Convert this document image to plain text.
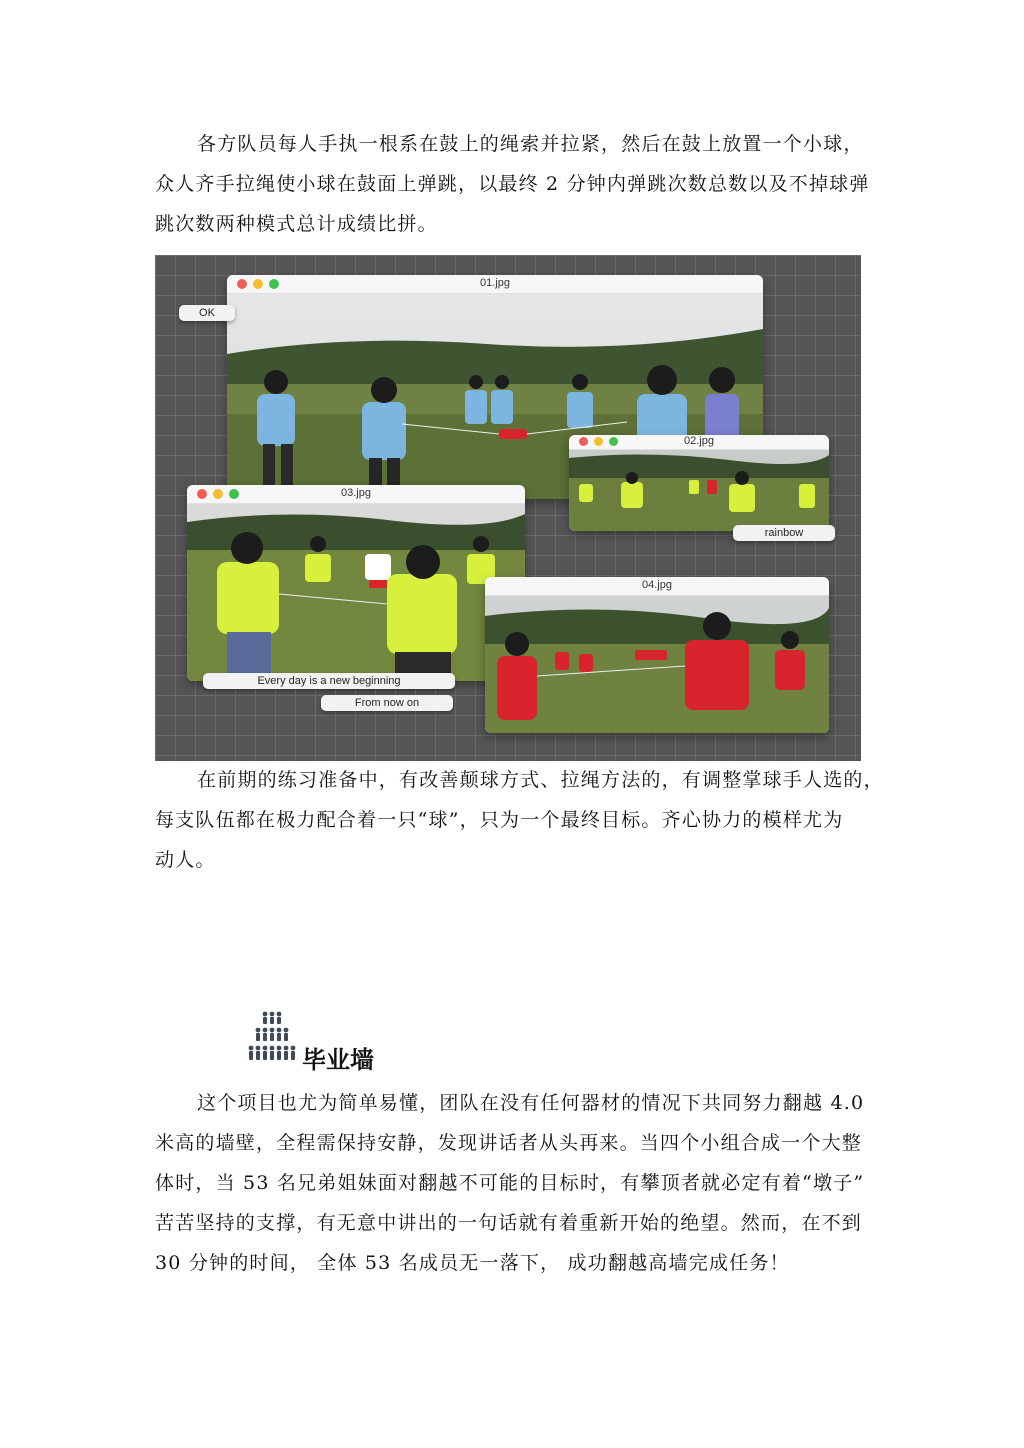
各方队员每人手执一根系在鼓上的绳索并拉紧，然后在鼓上放置一个小球，
众人齐手拉绳使小球在鼓面上弹跳，以最终 2 分钟内弹跳次数总数以及不掉球弹
跳次数两种模式总计成绩比拼。
01.jpg
02.jpg
03.jpg
04.jpg
OK
rainbow
Every day is a new beginning
From now on
在前期的练习准备中，有改善颠球方式、拉绳方法的，有调整掌球手人选的，
每支队伍都在极力配合着一只“球”，只为一个最终目标。齐心协力的模样尤为
动人。
毕业墙
这个项目也尤为简单易懂，团队在没有任何器材的情况下共同努力翻越 4.0
米高的墙壁，全程需保持安静，发现讲话者从头再来。当四个小组合成一个大整
体时，当 53 名兄弟姐妹面对翻越不可能的目标时，有攀顶者就必定有着“墩子”
苦苦坚持的支撑，有无意中讲出的一句话就有着重新开始的绝望。然而，在不到
30 分钟的时间， 全体 53 名成员无一落下， 成功翻越高墙完成任务！
